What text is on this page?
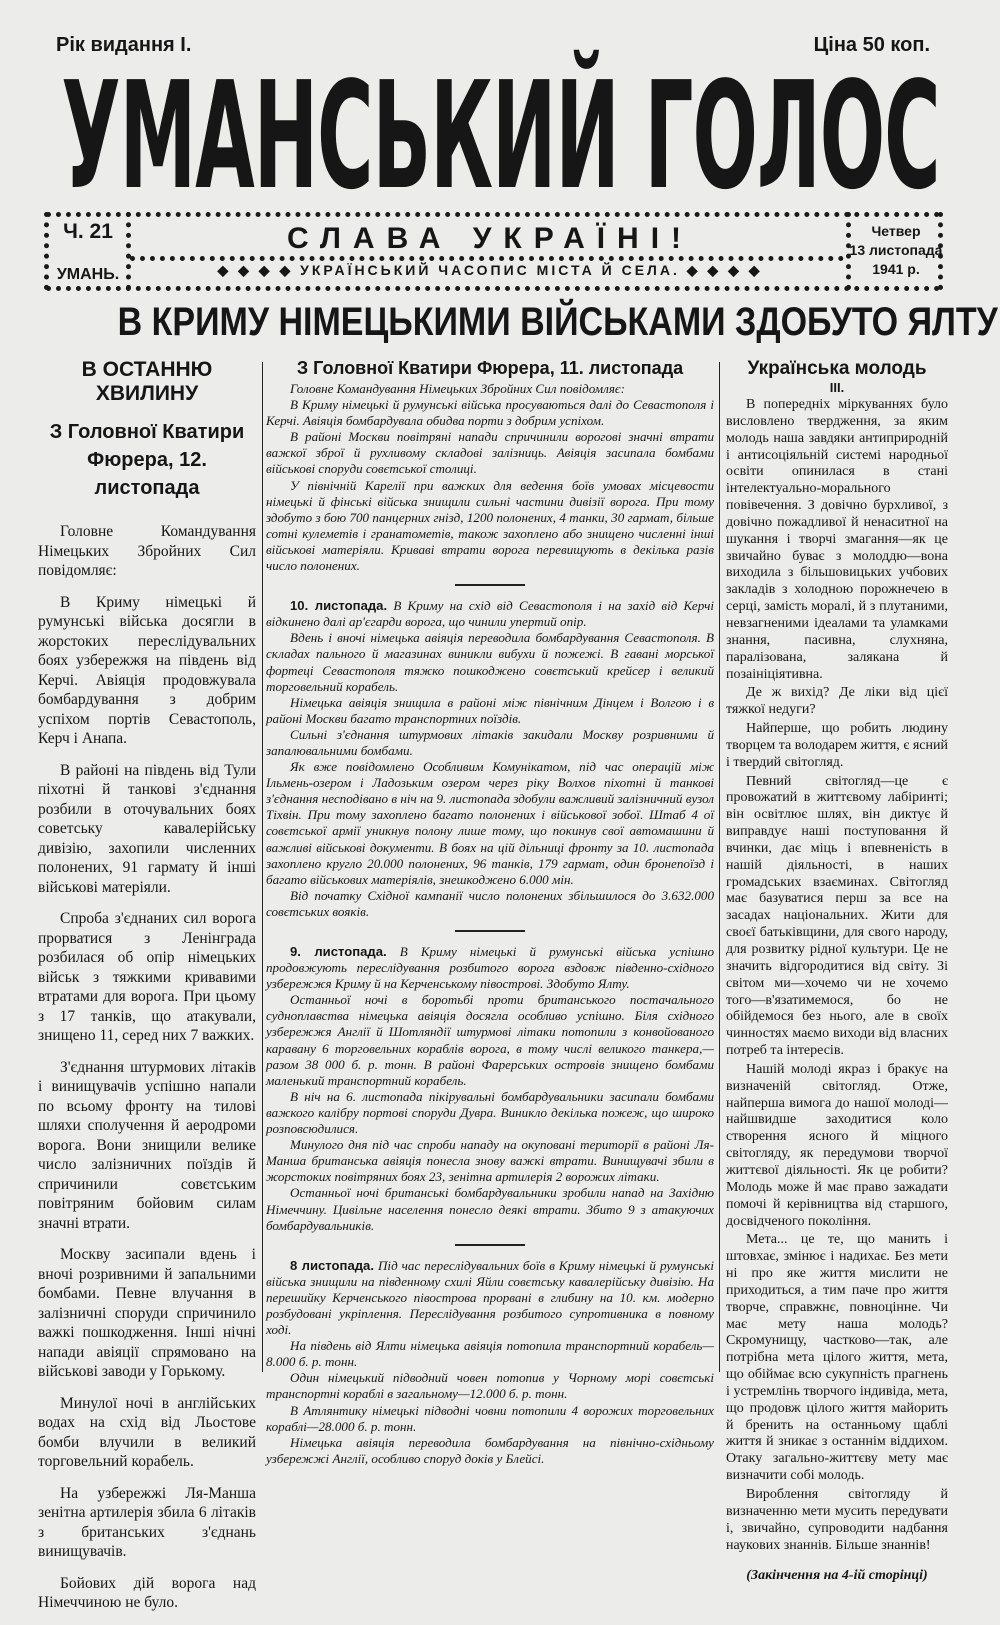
Рік видання І.	Ціна 50 коп.
УМАНСЬКИЙ ГОЛОС
Ч. 21
УМАНЬ.
СЛАВА УКРАЇНІ!
◆ ◆ ◆ ◆ УКРАЇНСЬКИЙ ЧАСОПИС МІСТА Й СЕЛА. ◆ ◆ ◆ ◆
Четвер
13 листопада
1941 р.
В КРИМУ НІМЕЦЬКИМИ ВІЙСЬКАМИ ЗДОБУТО ЯЛТУ
В ОСТАННЮ ХВИЛИНУ
З Головної Кватири Фюрера, 12. листопада

Головне Командування Німецьких Збройних Сил повідомляє:

В Криму німецькі й румунські війська досягли в жорстоких переслідувальних боях узбережжя на південь від Керчі. Авіяція продовжувала бомбардування з добрим успіхом портів Севастополь, Керч і Анапа.

В районі на південь від Тули піхотні й танкові з'єднання розбили в оточувальних боях советську кавалерійську дивізію, захопили численних полонених, 91 гармату й інші військові матеріяли.

Спроба з'єднаних сил ворога прорватися з Ленінграда розбилася об опір німецьких військ з тяжкими кривавими втратами для ворога. При цьому з 17 танків, що атакували, знищено 11, серед них 7 важких.

З'єднання штурмових літаків і винищувачів успішно напали по всьому фронту на тилові шляхи сполучення й аеродроми ворога. Вони знищили велике число залізничних поїздів й спричинили совєтським повітряним бойовим силам значні втрати.

Москву засипали вдень і вночі розривними й запальними бомбами. Певне влучання в залізничні споруди спричинило важкі пошкодження. Інші нічні напади авіяції спрямовано на військові заводи у Горькому.

Минулої ночі в англійських водах на схід від Льостове бомби влучили в великий торговельний корабель.

На узбережжі Ля-Манша зенітна артилерія збила 6 літаків з британських з'єднань винищувачів.

Бойових дій ворога над Німеччиною не було.

З Головної Кватири Фюрера, 11. листопада

Головне Командування Німецьких Збройних Сил повідомляє:

В Криму німецькі й румунські війська просуваються далі до Севастополя і Керчі. Авіяція бомбардувала обидва порти з добрим успіхом.

В районі Москви повітряні напади спричинили ворогові значні втрати важкої зброї й рухливому складові залізниць. Авіяція засипала бомбами військові споруди совєтської столиці.

У північній Карелії при важких для ведення боїв умовах місцевости німецькі й фінські війська знищили сильні частини дивізії ворога. При тому здобуто з бою 700 панцерних гнізд, 1200 полонених, 4 танки, 30 гармат, більше сотні кулеметів і гранатометів, також захоплено або знищено численні інші військові матеріяли. Криваві втрати ворога перевищують в декілька разів число полонених.

10. листопада. В Криму на схід від Севастополя і на захід від Керчі відкинено далі ар'єгарди ворога, що чинили упертий опір.

Вдень і вночі німецька авіяція переводила бомбардування Севастополя. В складах пального й магазинах виникли вибухи й пожежі. В гавані морської фортеці Севастополя тяжко пошкоджено совєтський крейсер і великий торговельний корабель.

Німецька авіяція знищила в районі між північним Дінцем і Волгою і в районі Москви багато транспортних поїздів.

Сильні з'єднання штурмових літаків закидали Москву розривними й запалювальними бомбами.

Як вже повідомлено Особливим Комунікатом, під час операцій між Ільмень-озером і Ладозьким озером через ріку Волхов піхотні й танкові з'єднання несподівано в ніч на 9. листопада здобули важливий залізничний вузол Тіхвін. При тому захоплено багато полонених і військової зобої. Штаб 4 ої совєтської армії уникнув полону лише тому, що покинув свої автомашини й важливі військові документи. В боях на цій дільниці фронту за 10. листопада захоплено кругло 20.000 полонених, 96 танків, 179 гармат, один бронепоїзд і багато військових матеріялів, знешкоджено 6.000 мін.

Від початку Східної кампанії число полонених збільшилося до 3.632.000 совєтських вояків.

9. листопада. В Криму німецькі й румунські війська успішно продовжують переслідування розбитого ворога вздовж південно-східного узбережжя Криму й на Керченському півострові. Здобуто Ялту.

Останньої ночі в боротьбі проти британського постачального судноплавства німецька авіяція досягла особливо успішно. Біля східного узбережжя Англії й Шотляндії штурмові літаки потопили з конвойованого каравану 6 торговельних кораблів ворога, в тому числі великого танкера,—разом 38 000 б. р. тонн. В районі Фарерських островів знищено бомбами маленький транспортний корабель.

В ніч на 6. листопада пікірувальні бомбардувальники засипали бомбами важкого калібру портові споруди Дувра. Виникло декілька пожеж, що широко розповсюдилися.

Минулого дня під час спроби нападу на окуповані території в районі Ля-Манша британська авіяція понесла знову важкі втрати. Винищувачі збили в жорстоких повітряних боях 23, зенітна артилерія 2 ворожих літаки.

Останньої ночі британські бомбардувальники зробили напад на Західню Німеччину. Цивільне населення понесло деякі втрати. Збито 9 з атакуючих бомбардувальників.

8 листопада. Під час переслідувальних боїв в Криму німецькі й румунські війська знищили на південному схилі Яйли совєтську кавалерійську дивізію. На перешийку Керченського півострова прорвані в глибину на 10. км. модерно розбудовані укріплення. Переслідування розбитого супротивника в повному ході.

На південь від Ялти німецька авіяція потопила транспортний корабель—8.000 б. р. тонн.

Один німецький підводний човен потопив у Чорному морі совєтські транспортні кораблі в загальному—12.000 б. р. тонн.

В Атлянтику німецькі підводні човни потопили 4 ворожих торговельних кораблі—28.000 б. р. тонн.

Німецька авіяція переводила бомбардування на північно-східньому узбережжі Англії, особливо споруд доків у Блейсі.

Українська молодь
ІІІ.

В попередніх міркуваннях було висловлено твердження, за яким молодь наша завдяки антиприродній і антисоціяльній системі народньої освіти опинилася в стані інтелектуально-морального повівечення. З довічно бурхливої, з довічно пожадливої й ненаситної на шукання і творчі змагання—як це звичайно буває з молоддю—вона виходила з більшовицьких учбових закладів з холодною порожнечею в серці, замість моралі, й з плутаними, невзагненими ідеалами та уламками знання, пасивна, слухняна, паралізована, залякана й позаініціятивна.

Де ж вихід? Де ліки від цієї тяжкої недуги?

Найперше, що робить людину творцем та володарем життя, є ясний і твердий світогляд.

Певний світогляд—це є провожатий в життєвому лабіринті; він освітлює шлях, він диктує й виправдує наші поступовання й вчинки, дає міць і впевненість в нашій діяльності, в наших громадських взаєминах. Світогляд має базуватися перш за все на засадах національних. Жити для своєї батьківщини, для свого народу, для розвитку рідної культури. Це не значить відгородитися від світу. Зі світом ми—хочемо чи не хочемо того—в'язатимемося, бо не обійдемося без нього, але в своїх чинностях маємо виходи від власних потреб та інтересів.

Нашій молоді якраз і бракує на визначеній світогляд. Отже, найперша вимога до нашої молоді—найшвидше заходитися коло створення ясного й міцного світогляду, як передумови творчої життєвої діяльності. Як це робити? Молодь може й має право зажадати помочі й керівництва від старшого, досвідченого покоління.

Мета... це те, що манить і штовхає, змінює і надихає. Без мети ні про яке життя мислити не приходиться, а тим паче про життя творче, справжнє, повноцінне. Чи має мету наша молодь? Скромунищу, частково—так, але потрібна мета цілого життя, мета, що обіймає всю сукупність прагнень і устремлінь творчого індивіда, мета, що продовж цілого життя майорить й бренить на останньому щаблі життя й зникає з останнім віддихом. Отаку загально-життєву мету має визначити собі молодь.

Вироблення світогляду й визначенню мети мусить передувати і, звичайно, супроводити надбання наукових знаннів. Більше знаннів!

(Закінчення на 4-ій сторінці)
